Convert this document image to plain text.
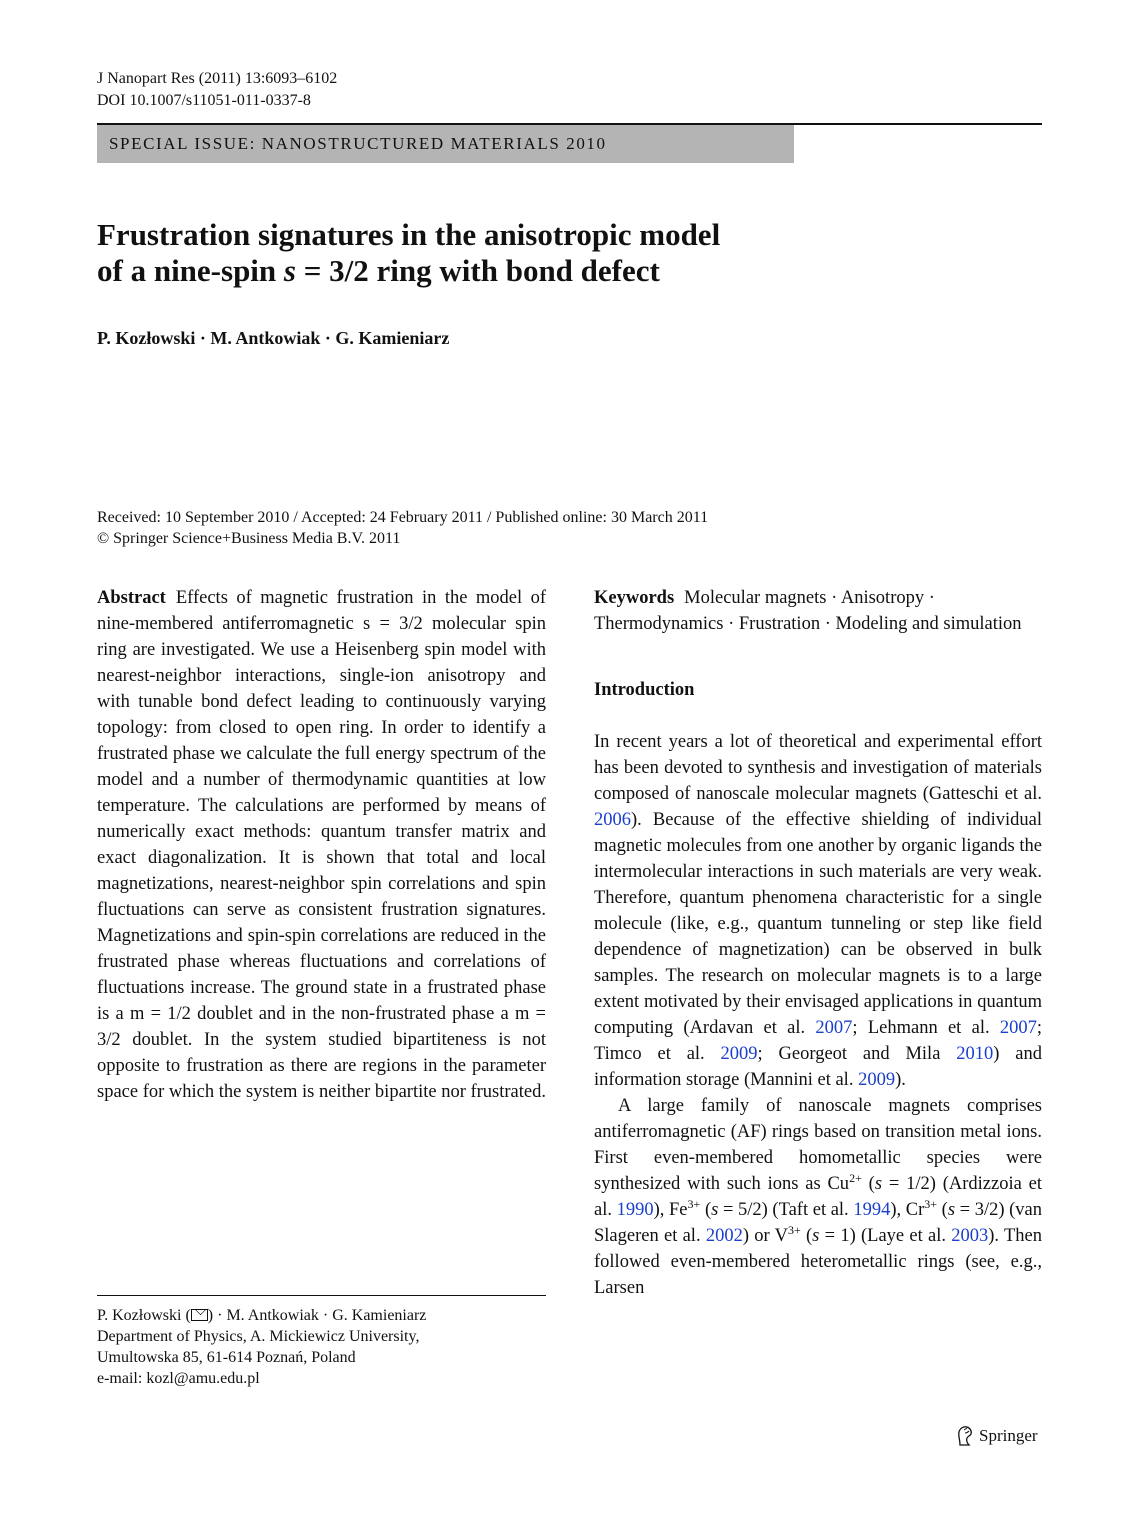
J Nanopart Res (2011) 13:6093–6102
DOI 10.1007/s11051-011-0337-8
SPECIAL ISSUE: NANOSTRUCTURED MATERIALS 2010
Frustration signatures in the anisotropic model
of a nine-spin s = 3/2 ring with bond defect
P. Kozłowski · M. Antkowiak · G. Kamieniarz
Received: 10 September 2010 / Accepted: 24 February 2011 / Published online: 30 March 2011
© Springer Science+Business Media B.V. 2011

Abstract Effects of magnetic frustration in the model of nine-membered antiferromagnetic s = 3/2 molecular spin ring are investigated. We use a Heisenberg spin model with nearest-neighbor interactions, single-ion anisotropy and with tunable bond defect leading to continuously varying topology: from closed to open ring. In order to identify a frustrated phase we calculate the full energy spectrum of the model and a number of thermodynamic quantities at low temperature. The calculations are performed by means of numerically exact methods: quantum transfer matrix and exact diagonalization. It is shown that total and local magnetizations, nearest-neighbor spin correlations and spin fluctuations can serve as consistent frustration signatures. Magnetizations and spin-spin correlations are reduced in the frustrated phase whereas fluctuations and correlations of fluctuations increase. The ground state in a frustrated phase is a m = 1/2 doublet and in the non-frustrated phase a m = 3/2 doublet. In the system studied bipartiteness is not opposite to frustration as there are regions in the parameter space for which the system is neither bipartite nor frustrated.

Keywords Molecular magnets · Anisotropy · Thermodynamics · Frustration · Modeling and simulation

Introduction

In recent years a lot of theoretical and experimental effort has been devoted to synthesis and investigation of materials composed of nanoscale molecular magnets (Gatteschi et al. 2006). Because of the effective shielding of individual magnetic molecules from one another by organic ligands the intermolecular interactions in such materials are very weak. Therefore, quantum phenomena characteristic for a single molecule (like, e.g., quantum tunneling or step like field dependence of magnetization) can be observed in bulk samples. The research on molecular magnets is to a large extent motivated by their envisaged applications in quantum computing (Ardavan et al. 2007; Lehmann et al. 2007; Timco et al. 2009; Georgeot and Mila 2010) and information storage (Mannini et al. 2009).

A large family of nanoscale magnets comprises antiferromagnetic (AF) rings based on transition metal ions. First even-membered homometallic species were synthesized with such ions as $Cu^{2+}$ (s = 1/2) (Ardizzoia et al. 1990), $Fe^{3+}$ (s = 5/2) (Taft et al. 1994), $Cr^{3+}$ (s = 3/2) (van Slageren et al. 2002) or $V^{3+}$ (s = 1) (Laye et al. 2003). Then followed even-membered heterometallic rings (see, e.g., Larsen

P. Kozłowski ( ) · M. Antkowiak · G. Kamieniarz
Department of Physics, A. Mickiewicz University,
Umultowska 85, 61-614 Poznań, Poland
e-mail: kozl@amu.edu.pl
Springer
